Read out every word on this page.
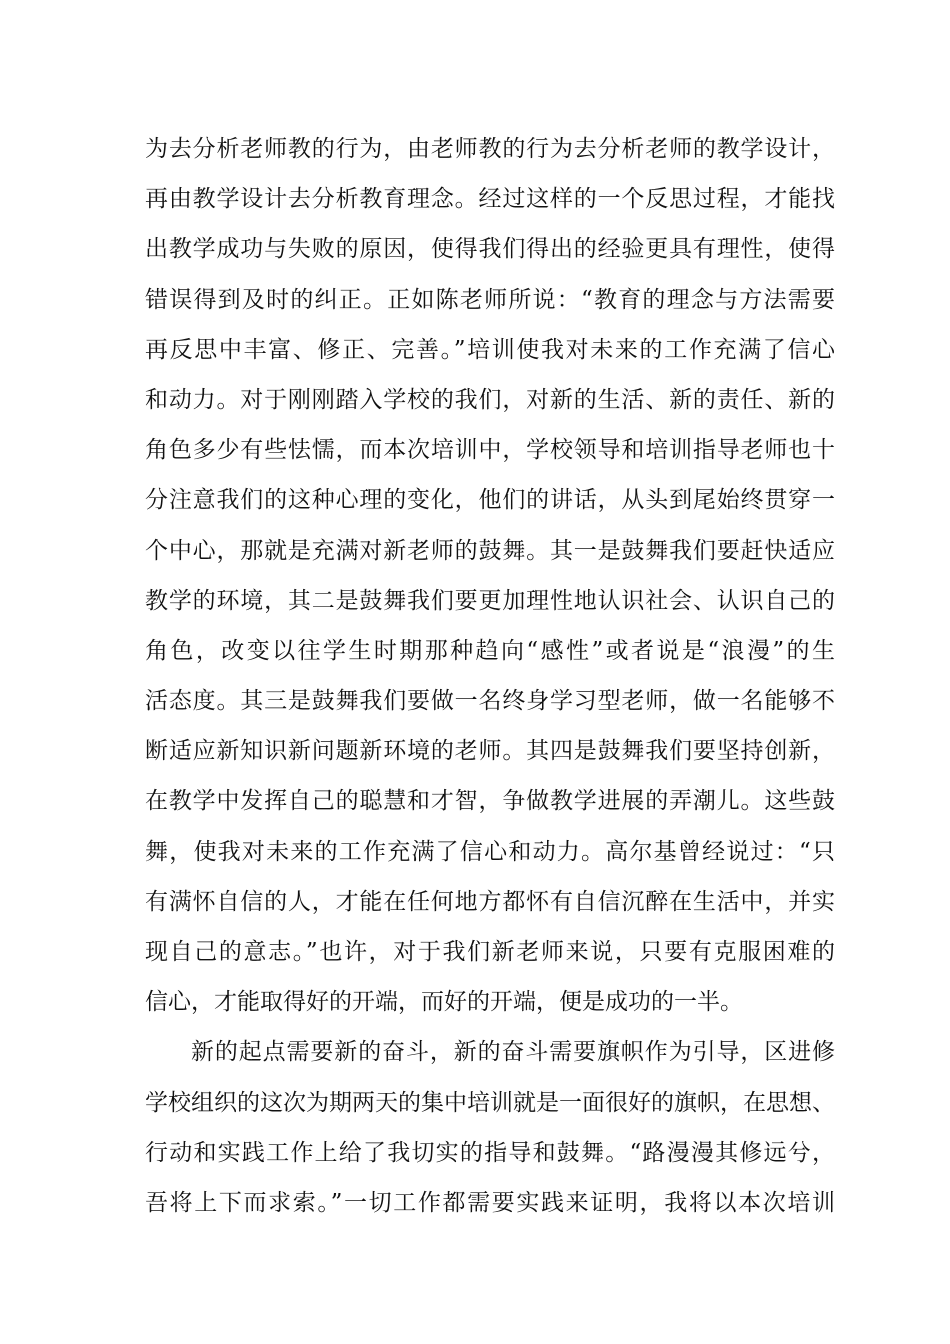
为去分析老师教的行为，由老师教的行为去分析老师的教学设计，
再由教学设计去分析教育理念。经过这样的一个反思过程，才能找
出教学成功与失败的原因，使得我们得出的经验更具有理性，使得
错误得到及时的纠正。正如陈老师所说：“教育的理念与方法需要
再反思中丰富、修正、完善。”培训使我对未来的工作充满了信心
和动力。对于刚刚踏入学校的我们，对新的生活、新的责任、新的
角色多少有些怯懦，而本次培训中，学校领导和培训指导老师也十
分注意我们的这种心理的变化，他们的讲话，从头到尾始终贯穿一
个中心，那就是充满对新老师的鼓舞。其一是鼓舞我们要赶快适应
教学的环境，其二是鼓舞我们要更加理性地认识社会、认识自己的
角色，改变以往学生时期那种趋向“感性”或者说是“浪漫”的生
活态度。其三是鼓舞我们要做一名终身学习型老师，做一名能够不
断适应新知识新问题新环境的老师。其四是鼓舞我们要坚持创新，
在教学中发挥自己的聪慧和才智，争做教学进展的弄潮儿。这些鼓
舞，使我对未来的工作充满了信心和动力。高尔基曾经说过：“只
有满怀自信的人，才能在任何地方都怀有自信沉醉在生活中，并实
现自己的意志。”也许，对于我们新老师来说，只要有克服困难的
信心，才能取得好的开端，而好的开端，便是成功的一半。
新的起点需要新的奋斗，新的奋斗需要旗帜作为引导，区进修
学校组织的这次为期两天的集中培训就是一面很好的旗帜，在思想、
行动和实践工作上给了我切实的指导和鼓舞。“路漫漫其修远兮，
吾将上下而求索。”一切工作都需要实践来证明，我将以本次培训
